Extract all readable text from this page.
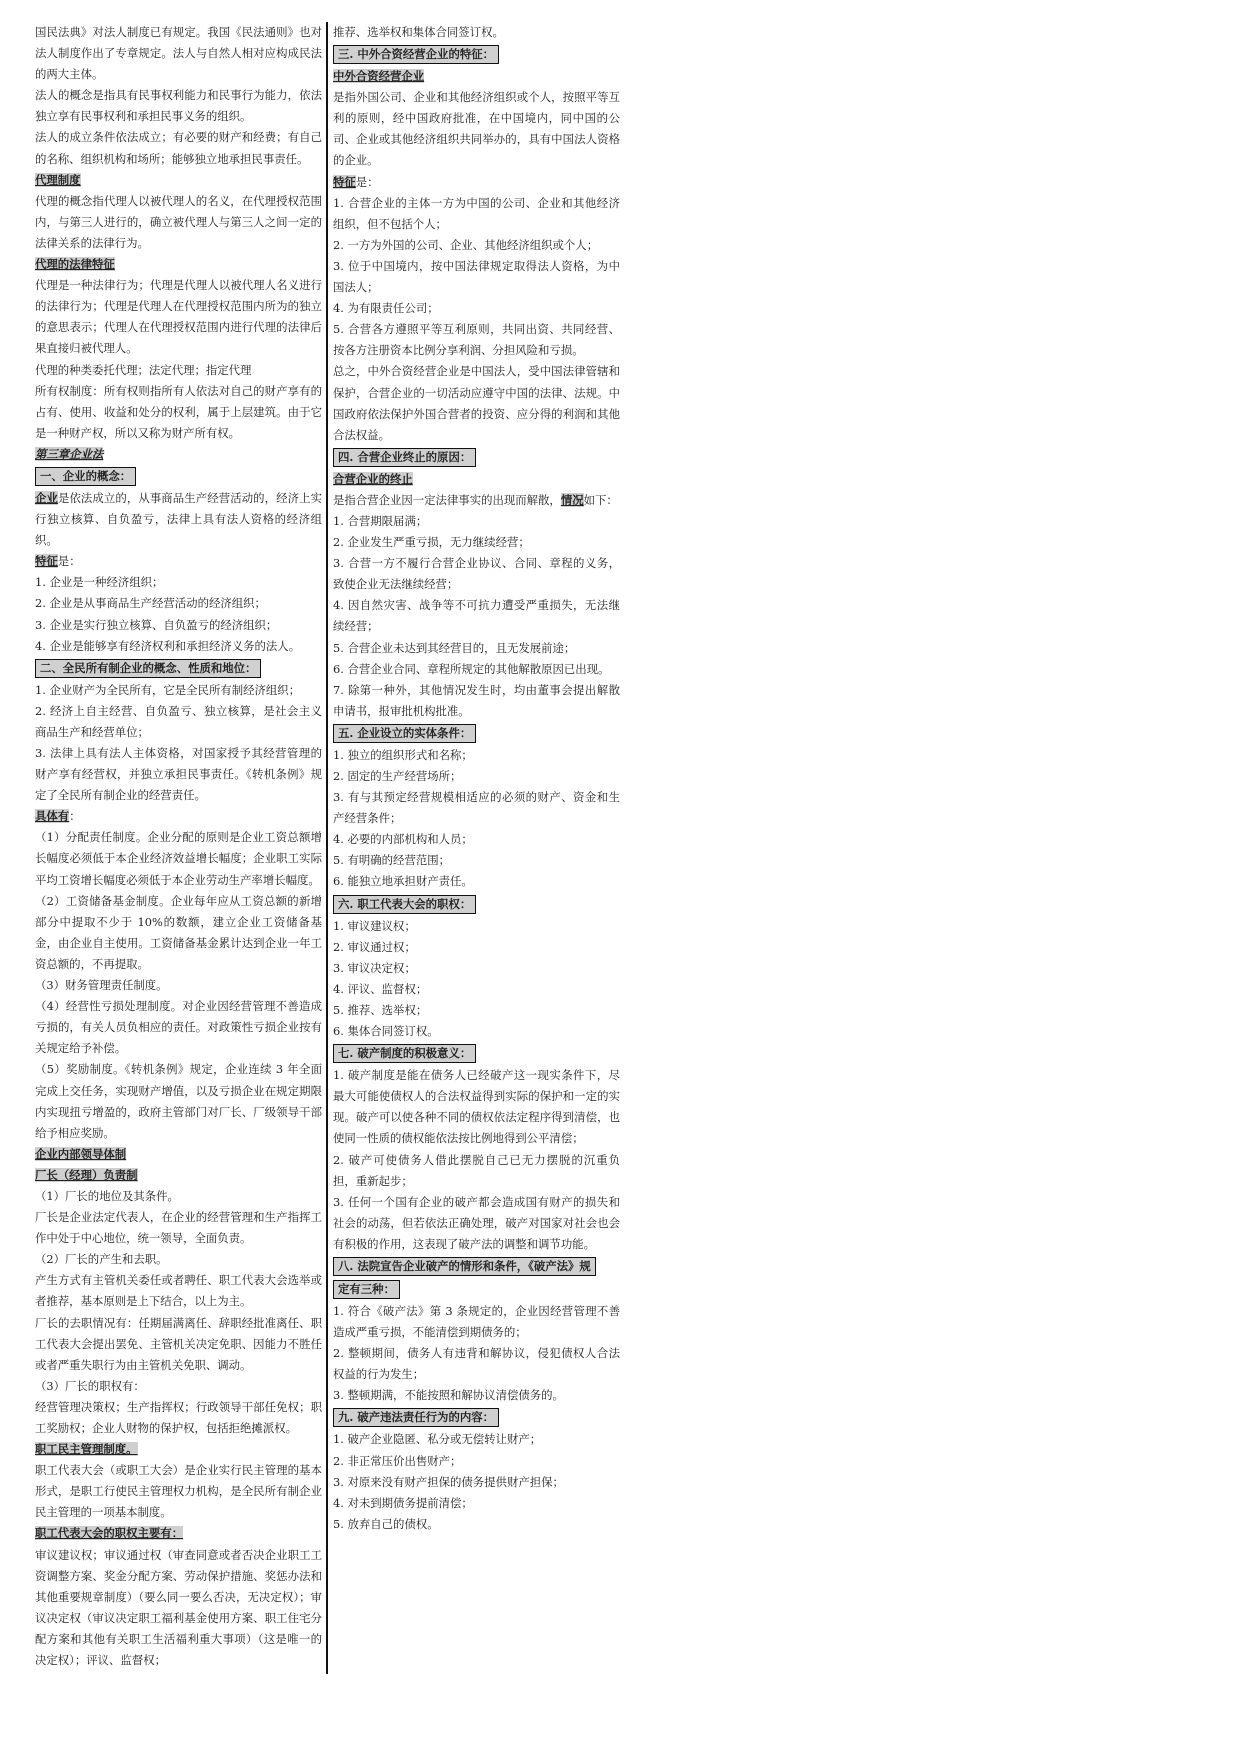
国民法典》对法人制度已有规定。我国《民法通则》也对法人制度作出了专章规定。法人与自然人相对应构成民法的两大主体。

法人的概念是指具有民事权利能力和民事行为能力，依法独立享有民事权利和承担民事义务的组织。

法人的成立条件依法成立；有必要的财产和经费；有自己的名称、组织机构和场所；能够独立地承担民事责任。

代理制度

代理的概念指代理人以被代理人的名义，在代理授权范围内，与第三人进行的，确立被代理人与第三人之间一定的法律关系的法律行为。

代理的法律特征

代理是一种法律行为；代理是代理人以被代理人名义进行的法律行为；代理是代理人在代理授权范围内所为的独立的意思表示；代理人在代理授权范围内进行代理的法律后果直接归被代理人。

代理的种类委托代理；法定代理；指定代理

所有权制度：所有权则指所有人依法对自己的财产享有的占有、使用、收益和处分的权利，属于上层建筑。由于它是一种财产权，所以又称为财产所有权。

第三章企业法
一、企业的概念：

企业是依法成立的，从事商品生产经营活动的，经济上实行独立核算、自负盈亏，法律上具有法人资格的经济组织。

特征是：

1. 企业是一种经济组织；

2. 企业是从事商品生产经营活动的经济组织；

3. 企业是实行独立核算、自负盈亏的经济组织；

4. 企业是能够享有经济权利和承担经济义务的法人。

二、全民所有制企业的概念、性质和地位：

1. 企业财产为全民所有，它是全民所有制经济组织；

2. 经济上自主经营、自负盈亏、独立核算，是社会主义商品生产和经营单位；

3. 法律上具有法人主体资格，对国家授予其经营管理的财产享有经营权，并独立承担民事责任。《转机条例》规定了全民所有制企业的经营责任。

具体有：

（1）分配责任制度。企业分配的原则是企业工资总额增长幅度必须低于本企业经济效益增长幅度；企业职工实际平均工资增长幅度必须低于本企业劳动生产率增长幅度。

（2）工资储备基金制度。企业每年应从工资总额的新增部分中提取不少于 10%的数额，建立企业工资储备基金，由企业自主使用。工资储备基金累计达到企业一年工资总额的，不再提取。

（3）财务管理责任制度。

（4）经营性亏损处理制度。对企业因经营管理不善造成亏损的，有关人员负相应的责任。对政策性亏损企业按有关规定给予补偿。

（5）奖励制度。《转机条例》规定，企业连续 3 年全面完成上交任务，实现财产增值，以及亏损企业在规定期限内实现扭亏增盈的，政府主管部门对厂长、厂级领导干部给予相应奖励。

企业内部领导体制
厂长（经理）负责制

（1）厂长的地位及其条件。

厂长是企业法定代表人，在企业的经营管理和生产指挥工作中处于中心地位，统一领导，全面负责。

（2）厂长的产生和去职。

产生方式有主管机关委任或者聘任、职工代表大会选举或者推荐，基本原则是上下结合，以上为主。

厂长的去职情况有：任期届满离任、辞职经批准离任、职工代表大会提出罢免、主管机关决定免职、因能力不胜任或者严重失职行为由主管机关免职、调动。

（3）厂长的职权有：

经营管理决策权；生产指挥权；行政领导干部任免权；职工奖励权；企业人财物的保护权，包括拒绝摊派权。

职工民主管理制度。

职工代表大会（或职工大会）是企业实行民主管理的基本形式，是职工行使民主管理权力机构，是全民所有制企业民主管理的一项基本制度。

职工代表大会的职权主要有：

审议建议权；审议通过权（审查同意或者否决企业职工工资调整方案、奖金分配方案、劳动保护措施、奖惩办法和其他重要规章制度）（要么同一要么否决，无决定权）；审议决定权（审议决定职工福利基金使用方案、职工住宅分配方案和其他有关职工生活福利重大事项）（这是唯一的决定权）；评议、监督权；

推荐、选举权和集体合同签订权。

三. 中外合资经营企业的特征：
中外合资经营企业

是指外国公司、企业和其他经济组织或个人，按照平等互利的原则，经中国政府批准，在中国境内，同中国的公司、企业或其他经济组织共同举办的，具有中国法人资格的企业。

特征是：

1. 合营企业的主体一方为中国的公司、企业和其他经济组织，但不包括个人；

2. 一方为外国的公司、企业、其他经济组织或个人；

3. 位于中国境内，按中国法律规定取得法人资格，为中国法人；

4. 为有限责任公司；

5. 合营各方遵照平等互利原则，共同出资、共同经营、按各方注册资本比例分享利润、分担风险和亏损。

总之，中外合资经营企业是中国法人，受中国法律管辖和保护，合营企业的一切活动应遵守中国的法律、法规。中国政府依法保护外国合营者的投资、应分得的利润和其他合法权益。

四. 合营企业终止的原因：
合营企业的终止

是指合营企业因一定法律事实的出现而解散，情况如下：

1. 合营期限届满；

2. 企业发生严重亏损，无力继续经营；

3. 合营一方不履行合营企业协议、合同、章程的义务，致使企业无法继续经营；

4. 因自然灾害、战争等不可抗力遭受严重损失，无法继续经营；

5. 合营企业未达到其经营目的，且无发展前途；

6. 合营企业合同、章程所规定的其他解散原因已出现。

7. 除第一种外，其他情况发生时，均由董事会提出解散申请书，报审批机构批准。

五. 企业设立的实体条件：

1. 独立的组织形式和名称；

2. 固定的生产经营场所；

3. 有与其预定经营规模相适应的必须的财产、资金和生产经营条件；

4. 必要的内部机构和人员；

5. 有明确的经营范围；

6. 能独立地承担财产责任。

六. 职工代表大会的职权：

1. 审议建议权；

2. 审议通过权；

3. 审议决定权；

4. 评议、监督权；

5. 推荐、选举权；

6. 集体合同签订权。

七. 破产制度的积极意义：

1. 破产制度是能在债务人已经破产这一现实条件下，尽最大可能使债权人的合法权益得到实际的保护和一定的实现。破产可以使各种不同的债权依法定程序得到清偿，也使同一性质的债权能依法按比例地得到公平清偿；

2. 破产可使债务人借此摆脱自己已无力摆脱的沉重负担，重新起步；

3. 任何一个国有企业的破产都会造成国有财产的损失和社会的动荡，但若依法正确处理，破产对国家对社会也会有积极的作用，这表现了破产法的调整和调节功能。

八. 法院宣告企业破产的情形和条件，《破产法》规
定有三种：

1. 符合《破产法》第 3 条规定的，企业因经营管理不善造成严重亏损，不能清偿到期债务的；

2. 整顿期间，债务人有违背和解协议，侵犯债权人合法权益的行为发生；

3. 整顿期满，不能按照和解协议清偿债务的。

九. 破产违法责任行为的内容：

1. 破产企业隐匿、私分或无偿转让财产；

2. 非正常压价出售财产；

3. 对原来没有财产担保的债务提供财产担保；

4. 对未到期债务提前清偿；

5. 放弃自己的债权。
